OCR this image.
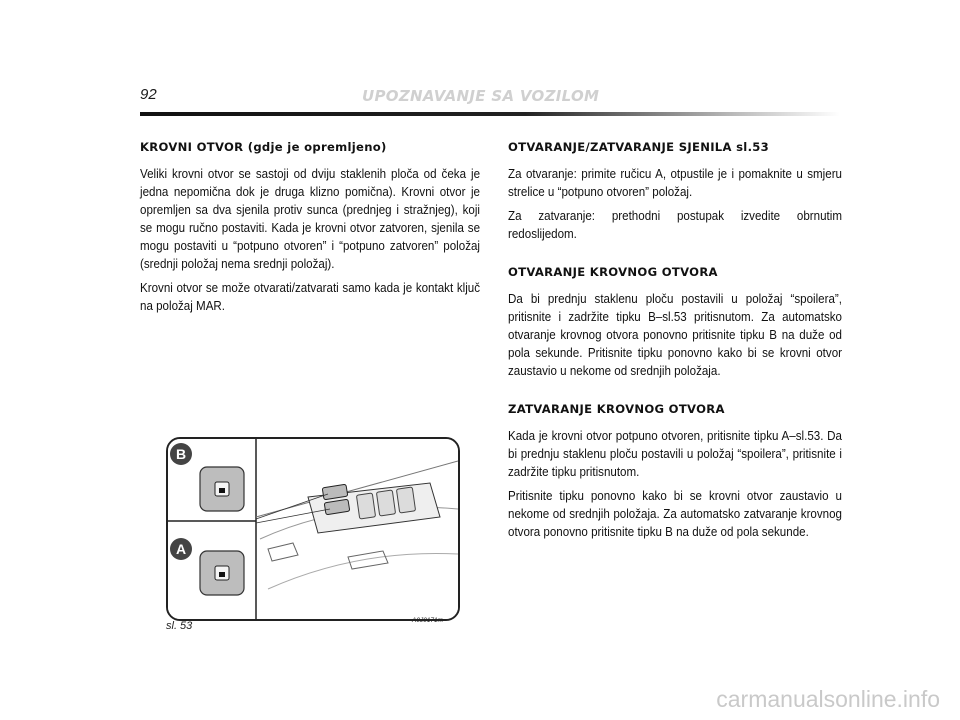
92	UPOZNAVANJE SA VOZILOM
KROVNI OTVOR (gdje je opremljeno)

Veliki krovni otvor se sastoji od dviju staklenih ploča od čeka je jedna nepomična dok je druga klizno pomična). Krovni otvor je opremljen sa dva sjenila protiv sunca (prednjeg i stražnjeg), koji se mogu ručno postaviti. Kada je krovni otvor zatvoren, sjenila se mogu postaviti u “potpuno otvoren” i “potpuno zatvoren” položaj (srednji položaj nema srednji položaj).

Krovni otvor se može otvarati/zatvarati samo kada je kontakt ključ na položaj MAR.

OTVARANJE/ZATVARANJE SJENILA sl.53

Za otvaranje: primite ručicu A, otpustile je i pomaknite u smjeru strelice u “potpuno otvoren” položaj.

Za zatvaranje: prethodni postupak izvedite obrnutim redoslijedom.

OTVARANJE KROVNOG OTVORA

Da bi prednju staklenu ploču postavili u položaj “spoilera”, pritisnite i zadržite tipku B–sl.53 pritisnutom. Za automatsko otvaranje krovnog otvora ponovno pritisnite tipku B na duže od pola sekunde. Pritisnite tipku ponovno kako bi se krovni otvor zaustavio u nekome od srednjih položaja.

ZATVARANJE KROVNOG OTVORA

Kada je krovni otvor potpuno otvoren, pritisnite tipku A–sl.53. Da bi prednju staklenu ploču postavili u položaj “spoilera”, pritisnite i zadržite tipku pritisnutom.

Pritisnite tipku ponovno kako bi se krovni otvor zaustavio u nekome od srednjih položaja. Za automatsko zatvaranje krovnog otvora ponovno pritisnite tipku B na duže od pola sekunde.

B
A
A0J0171m
sl. 53
carmanualsonline.info
